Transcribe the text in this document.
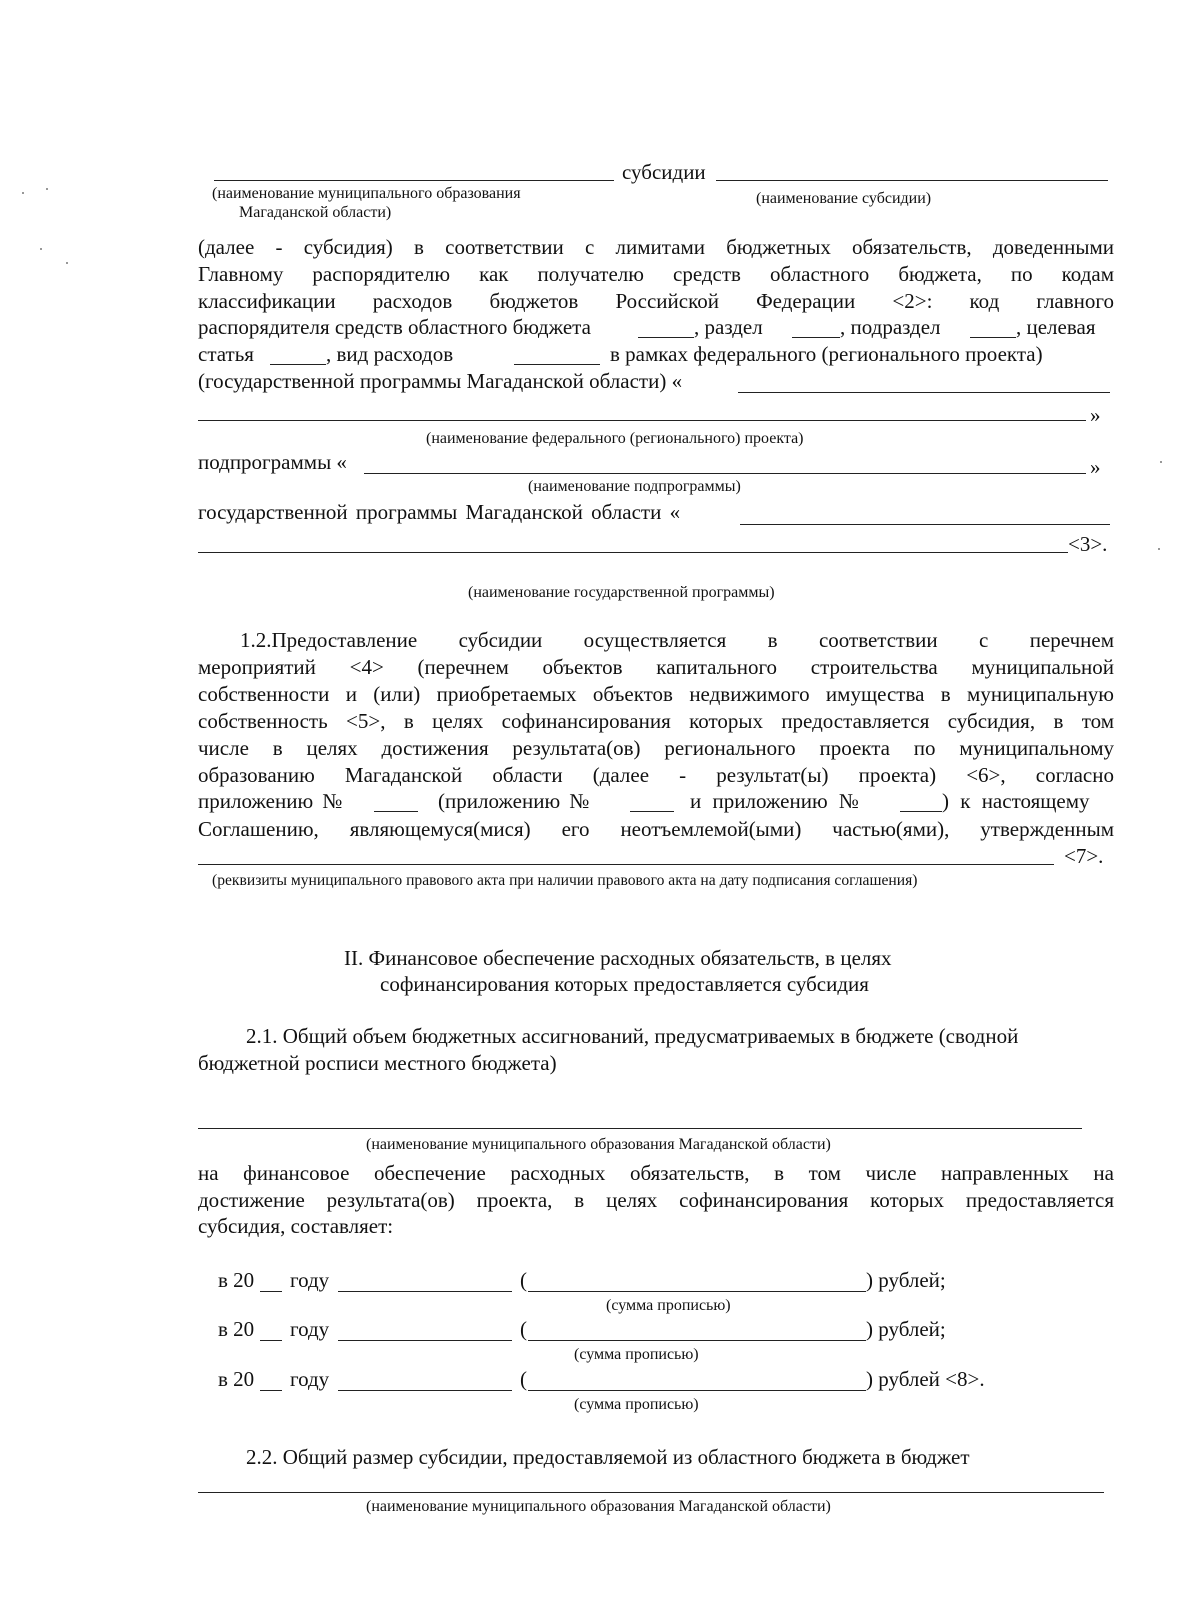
субсидии
(наименование муниципального образования
Магаданской области)
(наименование субсидии)
(далее - субсидия) в соответствии с лимитами бюджетных обязательств, доведенными
Главному распорядителю как получателю средств областного бюджета, по кодам
классификации расходов бюджетов Российской Федерации <2>: код главного
распорядителя средств областного бюджета	, раздел	, подраздел	, целевая
статья	, вид расходов	в рамках федерального (регионального проекта)
(государственной программы Магаданской области) «
»
(наименование федерального (регионального) проекта)
подпрограммы «	»
(наименование подпрограммы)
государственной программы Магаданской области «
<3>.
(наименование государственной программы)
1.2.Предоставление субсидии осуществляется в соответствии с перечнем
мероприятий <4> (перечнем объектов капитального строительства муниципальной
собственности и (или) приобретаемых объектов недвижимого имущества в муниципальную
собственность <5>, в целях софинансирования которых предоставляется субсидия, в том
числе в целях достижения результата(ов) регионального проекта по муниципальному
образованию Магаданской области (далее - результат(ы) проекта) <6>, согласно
приложению №	(приложению №	и приложению №	) к настоящему
Соглашению, являющемуся(мися) его неотъемлемой(ыми) частью(ями), утвержденным
<7>.
(реквизиты муниципального правового акта при наличии правового акта на дату подписания соглашения)
II. Финансовое обеспечение расходных обязательств, в целях
софинансирования которых предоставляется субсидия
2.1. Общий объем бюджетных ассигнований, предусматриваемых в бюджете (сводной
бюджетной росписи местного бюджета)
(наименование муниципального образования Магаданской области)
на финансовое обеспечение расходных обязательств, в том числе направленных на
достижение результата(ов) проекта, в целях софинансирования которых предоставляется
субсидия, составляет:
в 20 году	(	) рублей;
(сумма прописью)
в 20 году	(	) рублей;
(сумма прописью)
в 20 году	(	) рублей <8>.
(сумма прописью)
2.2. Общий размер субсидии, предоставляемой из областного бюджета в бюджет
(наименование муниципального образования Магаданской области)
